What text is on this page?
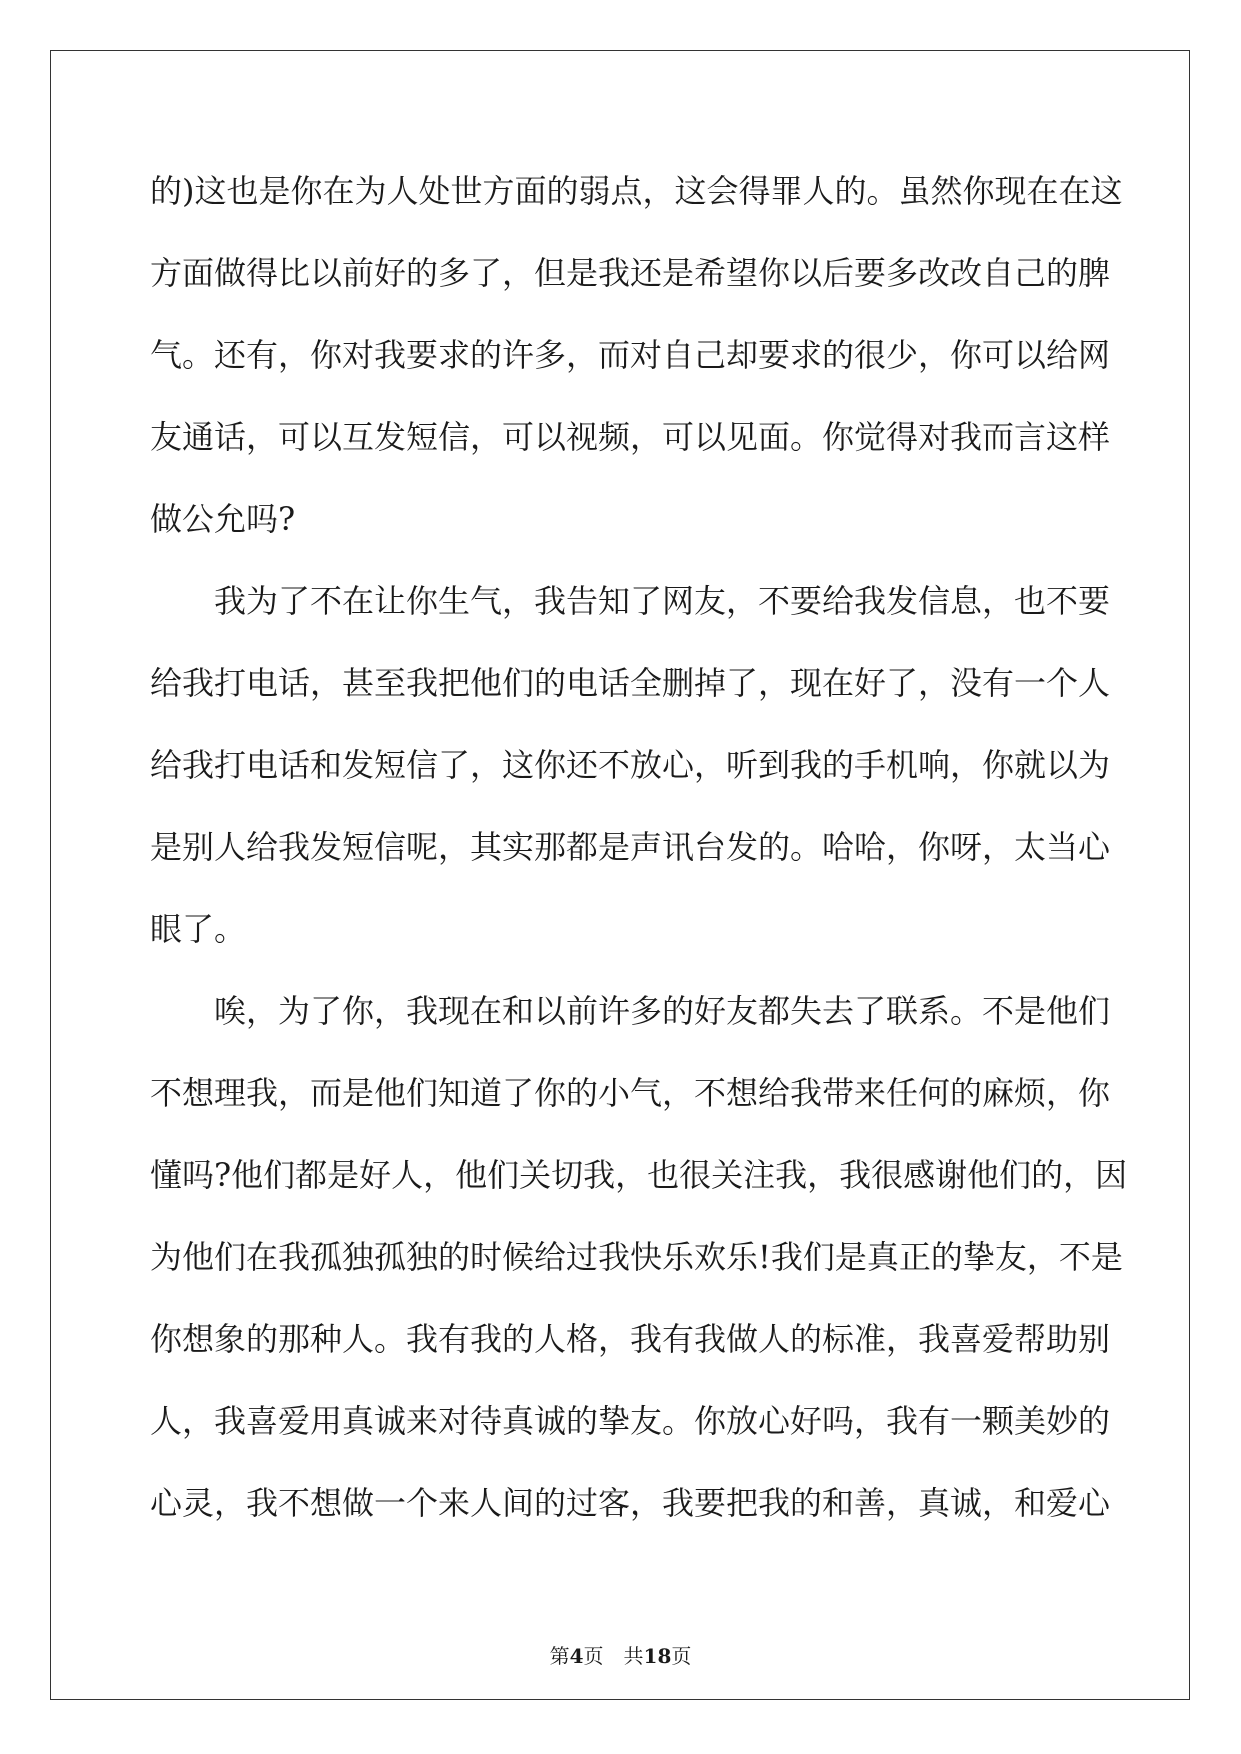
的)这也是你在为人处世方面的弱点，这会得罪人的。虽然你现在在这
方面做得比以前好的多了，但是我还是希望你以后要多改改自己的脾
气。还有，你对我要求的许多，而对自己却要求的很少，你可以给网
友通话，可以互发短信，可以视频，可以见面。你觉得对我而言这样
做公允吗?
我为了不在让你生气，我告知了网友，不要给我发信息，也不要
给我打电话，甚至我把他们的电话全删掉了，现在好了，没有一个人
给我打电话和发短信了，这你还不放心，听到我的手机响，你就以为
是别人给我发短信呢，其实那都是声讯台发的。哈哈，你呀，太当心
眼了。
唉，为了你，我现在和以前许多的好友都失去了联系。不是他们
不想理我，而是他们知道了你的小气，不想给我带来任何的麻烦，你
懂吗?他们都是好人，他们关切我，也很关注我，我很感谢他们的，因
为他们在我孤独孤独的时候给过我快乐欢乐!我们是真正的挚友，不是
你想象的那种人。我有我的人格，我有我做人的标准，我喜爱帮助别
人，我喜爱用真诚来对待真诚的挚友。你放心好吗，我有一颗美妙的
心灵，我不想做一个来人间的过客，我要把我的和善，真诚，和爱心
第4页 共18页
